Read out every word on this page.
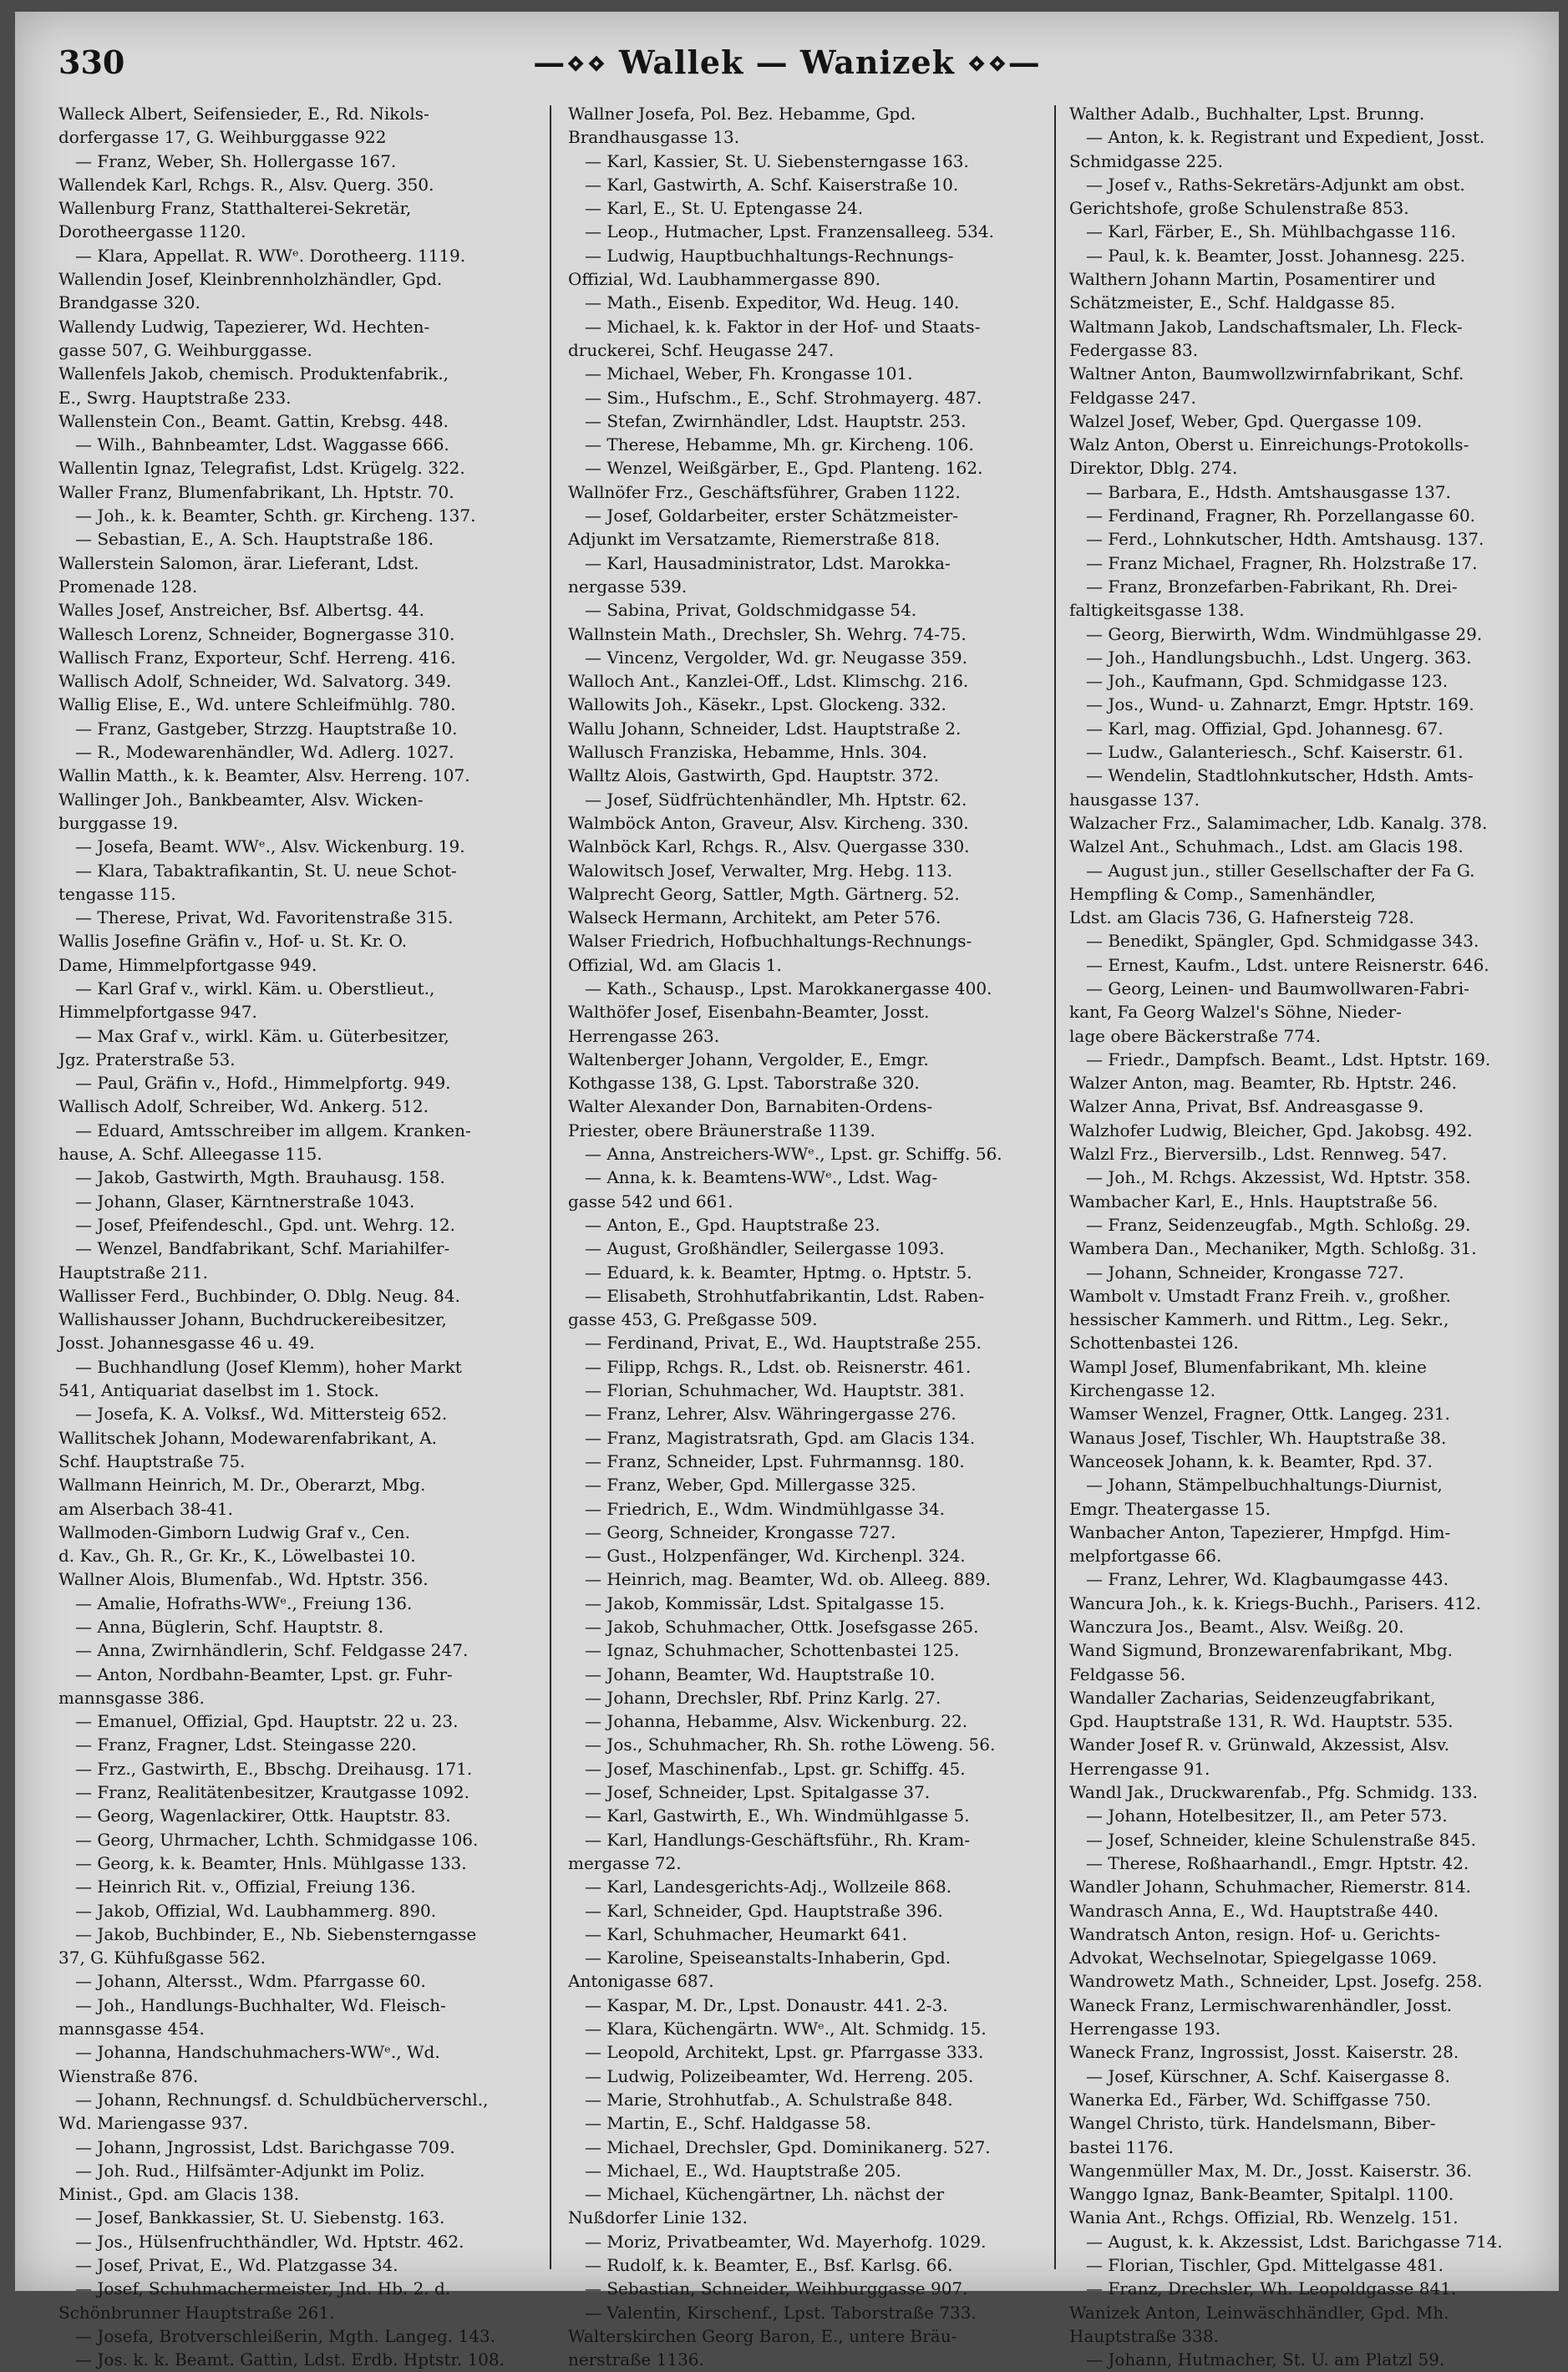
330	—⋄⋄ Wallek — Wanizek ⋄⋄—

Walleck Albert, Seifensieder, E., Rd. Nikols-

dorfergasse 17, G. Weihburggasse 922

— Franz, Weber, Sh. Hollergasse 167.

Wallendek Karl, Rchgs. R., Alsv. Querg. 350.

Wallenburg Franz, Statthalterei-Sekretär,

Dorotheergasse 1120.

— Klara, Appellat. R. WWᵉ. Dorotheerg. 1119.

Wallendin Josef, Kleinbrennholzhändler, Gpd.

Brandgasse 320.

Wallendy Ludwig, Tapezierer, Wd. Hechten-

gasse 507, G. Weihburggasse.

Wallenfels Jakob, chemisch. Produktenfabrik.,

E., Swrg. Hauptstraße 233.

Wallenstein Con., Beamt. Gattin, Krebsg. 448.

— Wilh., Bahnbeamter, Ldst. Waggasse 666.

Wallentin Ignaz, Telegrafist, Ldst. Krügelg. 322.

Waller Franz, Blumenfabrikant, Lh. Hptstr. 70.

— Joh., k. k. Beamter, Schth. gr. Kircheng. 137.

— Sebastian, E., A. Sch. Hauptstraße 186.

Wallerstein Salomon, ärar. Lieferant, Ldst.

Promenade 128.

Walles Josef, Anstreicher, Bsf. Albertsg. 44.

Wallesch Lorenz, Schneider, Bognergasse 310.

Wallisch Franz, Exporteur, Schf. Herreng. 416.

Wallisch Adolf, Schneider, Wd. Salvatorg. 349.

Wallig Elise, E., Wd. untere Schleifmühlg. 780.

— Franz, Gastgeber, Strzzg. Hauptstraße 10.

— R., Modewarenhändler, Wd. Adlerg. 1027.

Wallin Matth., k. k. Beamter, Alsv. Herreng. 107.

Wallinger Joh., Bankbeamter, Alsv. Wicken-

burggasse 19.

— Josefa, Beamt. WWᵉ., Alsv. Wickenburg. 19.

— Klara, Tabaktrafikantin, St. U. neue Schot-

tengasse 115.

— Therese, Privat, Wd. Favoritenstraße 315.

Wallis Josefine Gräfin v., Hof- u. St. Kr. O.

Dame, Himmelpfortgasse 949.

— Karl Graf v., wirkl. Käm. u. Oberstlieut.,

Himmelpfortgasse 947.

— Max Graf v., wirkl. Käm. u. Güterbesitzer,

Jgz. Praterstraße 53.

— Paul, Gräfin v., Hofd., Himmelpfortg. 949.

Wallisch Adolf, Schreiber, Wd. Ankerg. 512.

— Eduard, Amtsschreiber im allgem. Kranken-

hause, A. Schf. Alleegasse 115.

— Jakob, Gastwirth, Mgth. Brauhausg. 158.

— Johann, Glaser, Kärntnerstraße 1043.

— Josef, Pfeifendeschl., Gpd. unt. Wehrg. 12.

— Wenzel, Bandfabrikant, Schf. Mariahilfer-

Hauptstraße 211.

Wallisser Ferd., Buchbinder, O. Dblg. Neug. 84.

Wallishausser Johann, Buchdruckereibesitzer,

Josst. Johannesgasse 46 u. 49.

— Buchhandlung (Josef Klemm), hoher Markt

541, Antiquariat daselbst im 1. Stock.

— Josefa, K. A. Volksf., Wd. Mittersteig 652.

Wallitschek Johann, Modewarenfabrikant, A.

Schf. Hauptstraße 75.

Wallmann Heinrich, M. Dr., Oberarzt, Mbg.

am Alserbach 38-41.

Wallmoden-Gimborn Ludwig Graf v., Cen.

d. Kav., Gh. R., Gr. Kr., K., Löwelbastei 10.

Wallner Alois, Blumenfab., Wd. Hptstr. 356.

— Amalie, Hofraths-WWᵉ., Freiung 136.

— Anna, Büglerin, Schf. Hauptstr. 8.

— Anna, Zwirnhändlerin, Schf. Feldgasse 247.

— Anton, Nordbahn-Beamter, Lpst. gr. Fuhr-

mannsgasse 386.

— Emanuel, Offizial, Gpd. Hauptstr. 22 u. 23.

— Franz, Fragner, Ldst. Steingasse 220.

— Frz., Gastwirth, E., Bbschg. Dreihausg. 171.

— Franz, Realitätenbesitzer, Krautgasse 1092.

— Georg, Wagenlackirer, Ottk. Hauptstr. 83.

— Georg, Uhrmacher, Lchth. Schmidgasse 106.

— Georg, k. k. Beamter, Hnls. Mühlgasse 133.

— Heinrich Rit. v., Offizial, Freiung 136.

— Jakob, Offizial, Wd. Laubhammerg. 890.

— Jakob, Buchbinder, E., Nb. Siebensterngasse

37, G. Kühfußgasse 562.

— Johann, Altersst., Wdm. Pfarrgasse 60.

— Joh., Handlungs-Buchhalter, Wd. Fleisch-

mannsgasse 454.

— Johanna, Handschuhmachers-WWᵉ., Wd.

Wienstraße 876.

— Johann, Rechnungsf. d. Schuldbücherverschl.,

Wd. Mariengasse 937.

— Johann, Jngrossist, Ldst. Barichgasse 709.

— Joh. Rud., Hilfsämter-Adjunkt im Poliz.

Minist., Gpd. am Glacis 138.

— Josef, Bankkassier, St. U. Siebenstg. 163.

— Jos., Hülsenfruchthändler, Wd. Hptstr. 462.

— Josef, Privat, E., Wd. Platzgasse 34.

— Josef, Schuhmachermeister, Jnd. Hb. 2. d.

Schönbrunner Hauptstraße 261.

— Josefa, Brotverschleißerin, Mgth. Langeg. 143.

— Jos. k. k. Beamt. Gattin, Ldst. Erdb. Hptstr. 108.

Wallner Josefa, Pol. Bez. Hebamme, Gpd.

Brandhausgasse 13.

— Karl, Kassier, St. U. Siebensterngasse 163.

— Karl, Gastwirth, A. Schf. Kaiserstraße 10.

— Karl, E., St. U. Eptengasse 24.

— Leop., Hutmacher, Lpst. Franzensalleeg. 534.

— Ludwig, Hauptbuchhaltungs-Rechnungs-

Offizial, Wd. Laubhammergasse 890.

— Math., Eisenb. Expeditor, Wd. Heug. 140.

— Michael, k. k. Faktor in der Hof- und Staats-

druckerei, Schf. Heugasse 247.

— Michael, Weber, Fh. Krongasse 101.

— Sim., Hufschm., E., Schf. Strohmayerg. 487.

— Stefan, Zwirnhändler, Ldst. Hauptstr. 253.

— Therese, Hebamme, Mh. gr. Kircheng. 106.

— Wenzel, Weißgärber, E., Gpd. Planteng. 162.

Wallnöfer Frz., Geschäftsführer, Graben 1122.

— Josef, Goldarbeiter, erster Schätzmeister-

Adjunkt im Versatzamte, Riemerstraße 818.

— Karl, Hausadministrator, Ldst. Marokka-

nergasse 539.

— Sabina, Privat, Goldschmidgasse 54.

Wallnstein Math., Drechsler, Sh. Wehrg. 74-75.

— Vincenz, Vergolder, Wd. gr. Neugasse 359.

Walloch Ant., Kanzlei-Off., Ldst. Klimschg. 216.

Wallowits Joh., Käsekr., Lpst. Glockeng. 332.

Wallu Johann, Schneider, Ldst. Hauptstraße 2.

Wallusch Franziska, Hebamme, Hnls. 304.

Walltz Alois, Gastwirth, Gpd. Hauptstr. 372.

— Josef, Südfrüchtenhändler, Mh. Hptstr. 62.

Walmböck Anton, Graveur, Alsv. Kircheng. 330.

Walnböck Karl, Rchgs. R., Alsv. Quergasse 330.

Walowitsch Josef, Verwalter, Mrg. Hebg. 113.

Walprecht Georg, Sattler, Mgth. Gärtnerg. 52.

Walseck Hermann, Architekt, am Peter 576.

Walser Friedrich, Hofbuchhaltungs-Rechnungs-

Offizial, Wd. am Glacis 1.

— Kath., Schausp., Lpst. Marokkanergasse 400.

Walthöfer Josef, Eisenbahn-Beamter, Josst.

Herrengasse 263.

Waltenberger Johann, Vergolder, E., Emgr.

Kothgasse 138, G. Lpst. Taborstraße 320.

Walter Alexander Don, Barnabiten-Ordens-

Priester, obere Bräunerstraße 1139.

— Anna, Anstreichers-WWᵉ., Lpst. gr. Schiffg. 56.

— Anna, k. k. Beamtens-WWᵉ., Ldst. Wag-

gasse 542 und 661.

— Anton, E., Gpd. Hauptstraße 23.

— August, Großhändler, Seilergasse 1093.

— Eduard, k. k. Beamter, Hptmg. o. Hptstr. 5.

— Elisabeth, Strohhutfabrikantin, Ldst. Raben-

gasse 453, G. Preßgasse 509.

— Ferdinand, Privat, E., Wd. Hauptstraße 255.

— Filipp, Rchgs. R., Ldst. ob. Reisnerstr. 461.

— Florian, Schuhmacher, Wd. Hauptstr. 381.

— Franz, Lehrer, Alsv. Währingergasse 276.

— Franz, Magistratsrath, Gpd. am Glacis 134.

— Franz, Schneider, Lpst. Fuhrmannsg. 180.

— Franz, Weber, Gpd. Millergasse 325.

— Friedrich, E., Wdm. Windmühlgasse 34.

— Georg, Schneider, Krongasse 727.

— Gust., Holzpenfänger, Wd. Kirchenpl. 324.

— Heinrich, mag. Beamter, Wd. ob. Alleeg. 889.

— Jakob, Kommissär, Ldst. Spitalgasse 15.

— Jakob, Schuhmacher, Ottk. Josefsgasse 265.

— Ignaz, Schuhmacher, Schottenbastei 125.

— Johann, Beamter, Wd. Hauptstraße 10.

— Johann, Drechsler, Rbf. Prinz Karlg. 27.

— Johanna, Hebamme, Alsv. Wickenburg. 22.

— Jos., Schuhmacher, Rh. Sh. rothe Löweng. 56.

— Josef, Maschinenfab., Lpst. gr. Schiffg. 45.

— Josef, Schneider, Lpst. Spitalgasse 37.

— Karl, Gastwirth, E., Wh. Windmühlgasse 5.

— Karl, Handlungs-Geschäftsführ., Rh. Kram-

mergasse 72.

— Karl, Landesgerichts-Adj., Wollzeile 868.

— Karl, Schneider, Gpd. Hauptstraße 396.

— Karl, Schuhmacher, Heumarkt 641.

— Karoline, Speiseanstalts-Inhaberin, Gpd.

Antonigasse 687.

— Kaspar, M. Dr., Lpst. Donaustr. 441. 2-3.

— Klara, Küchengärtn. WWᵉ., Alt. Schmidg. 15.

— Leopold, Architekt, Lpst. gr. Pfarrgasse 333.

— Ludwig, Polizeibeamter, Wd. Herreng. 205.

— Marie, Strohhutfab., A. Schulstraße 848.

— Martin, E., Schf. Haldgasse 58.

— Michael, Drechsler, Gpd. Dominikanerg. 527.

— Michael, E., Wd. Hauptstraße 205.

— Michael, Küchengärtner, Lh. nächst der

Nußdorfer Linie 132.

— Moriz, Privatbeamter, Wd. Mayerhofg. 1029.

— Rudolf, k. k. Beamter, E., Bsf. Karlsg. 66.

— Sebastian, Schneider, Weihburggasse 907.

— Valentin, Kirschenf., Lpst. Taborstraße 733.

Walterskirchen Georg Baron, E., untere Bräu-

nerstraße 1136.

Walther Adalb., Buchhalter, Lpst. Brunng.

— Anton, k. k. Registrant und Expedient, Josst.

Schmidgasse 225.

— Josef v., Raths-Sekretärs-Adjunkt am obst.

Gerichtshofe, große Schulenstraße 853.

— Karl, Färber, E., Sh. Mühlbachgasse 116.

— Paul, k. k. Beamter, Josst. Johannesg. 225.

Walthern Johann Martin, Posamentirer und

Schätzmeister, E., Schf. Haldgasse 85.

Waltmann Jakob, Landschaftsmaler, Lh. Fleck-

Federgasse 83.

Waltner Anton, Baumwollzwirnfabrikant, Schf.

Feldgasse 247.

Walzel Josef, Weber, Gpd. Quergasse 109.

Walz Anton, Oberst u. Einreichungs-Protokolls-

Direktor, Dblg. 274.

— Barbara, E., Hdsth. Amtshausgasse 137.

— Ferdinand, Fragner, Rh. Porzellangasse 60.

— Ferd., Lohnkutscher, Hdth. Amtshausg. 137.

— Franz Michael, Fragner, Rh. Holzstraße 17.

— Franz, Bronzefarben-Fabrikant, Rh. Drei-

faltigkeitsgasse 138.

— Georg, Bierwirth, Wdm. Windmühlgasse 29.

— Joh., Handlungsbuchh., Ldst. Ungerg. 363.

— Joh., Kaufmann, Gpd. Schmidgasse 123.

— Jos., Wund- u. Zahnarzt, Emgr. Hptstr. 169.

— Karl, mag. Offizial, Gpd. Johannesg. 67.

— Ludw., Galanteriesch., Schf. Kaiserstr. 61.

— Wendelin, Stadtlohnkutscher, Hdsth. Amts-

hausgasse 137.

Walzacher Frz., Salamimacher, Ldb. Kanalg. 378.

Walzel Ant., Schuhmach., Ldst. am Glacis 198.

— August jun., stiller Gesellschafter der Fa G.

Hempfling & Comp., Samenhändler,

Ldst. am Glacis 736, G. Hafnersteig 728.

— Benedikt, Spängler, Gpd. Schmidgasse 343.

— Ernest, Kaufm., Ldst. untere Reisnerstr. 646.

— Georg, Leinen- und Baumwollwaren-Fabri-

kant, Fa Georg Walzel's Söhne, Nieder-

lage obere Bäckerstraße 774.

— Friedr., Dampfsch. Beamt., Ldst. Hptstr. 169.

Walzer Anton, mag. Beamter, Rb. Hptstr. 246.

Walzer Anna, Privat, Bsf. Andreasgasse 9.

Walzhofer Ludwig, Bleicher, Gpd. Jakobsg. 492.

Walzl Frz., Bierversilb., Ldst. Rennweg. 547.

— Joh., M. Rchgs. Akzessist, Wd. Hptstr. 358.

Wambacher Karl, E., Hnls. Hauptstraße 56.

— Franz, Seidenzeugfab., Mgth. Schloßg. 29.

Wambera Dan., Mechaniker, Mgth. Schloßg. 31.

— Johann, Schneider, Krongasse 727.

Wambolt v. Umstadt Franz Freih. v., großher.

hessischer Kammerh. und Rittm., Leg. Sekr.,

Schottenbastei 126.

Wampl Josef, Blumenfabrikant, Mh. kleine

Kirchengasse 12.

Wamser Wenzel, Fragner, Ottk. Langeg. 231.

Wanaus Josef, Tischler, Wh. Hauptstraße 38.

Wanceosek Johann, k. k. Beamter, Rpd. 37.

— Johann, Stämpelbuchhaltungs-Diurnist,

Emgr. Theatergasse 15.

Wanbacher Anton, Tapezierer, Hmpfgd. Him-

melpfortgasse 66.

— Franz, Lehrer, Wd. Klagbaumgasse 443.

Wancura Joh., k. k. Kriegs-Buchh., Parisers. 412.

Wanczura Jos., Beamt., Alsv. Weißg. 20.

Wand Sigmund, Bronzewarenfabrikant, Mbg.

Feldgasse 56.

Wandaller Zacharias, Seidenzeugfabrikant,

Gpd. Hauptstraße 131, R. Wd. Hauptstr. 535.

Wander Josef R. v. Grünwald, Akzessist, Alsv.

Herrengasse 91.

Wandl Jak., Druckwarenfab., Pfg. Schmidg. 133.

— Johann, Hotelbesitzer, Il., am Peter 573.

— Josef, Schneider, kleine Schulenstraße 845.

— Therese, Roßhaarhandl., Emgr. Hptstr. 42.

Wandler Johann, Schuhmacher, Riemerstr. 814.

Wandrasch Anna, E., Wd. Hauptstraße 440.

Wandratsch Anton, resign. Hof- u. Gerichts-

Advokat, Wechselnotar, Spiegelgasse 1069.

Wandrowetz Math., Schneider, Lpst. Josefg. 258.

Waneck Franz, Lermischwarenhändler, Josst.

Herrengasse 193.

Waneck Franz, Ingrossist, Josst. Kaiserstr. 28.

— Josef, Kürschner, A. Schf. Kaisergasse 8.

Wanerka Ed., Färber, Wd. Schiffgasse 750.

Wangel Christo, türk. Handelsmann, Biber-

bastei 1176.

Wangenmüller Max, M. Dr., Josst. Kaiserstr. 36.

Wanggo Ignaz, Bank-Beamter, Spitalpl. 1100.

Wania Ant., Rchgs. Offizial, Rb. Wenzelg. 151.

— August, k. k. Akzessist, Ldst. Barichgasse 714.

— Florian, Tischler, Gpd. Mittelgasse 481.

— Franz, Drechsler, Wh. Leopoldgasse 841.

Wanizek Anton, Leinwäschhändler, Gpd. Mh.

Hauptstraße 338.

— Johann, Hutmacher, St. U. am Platzl 59.
